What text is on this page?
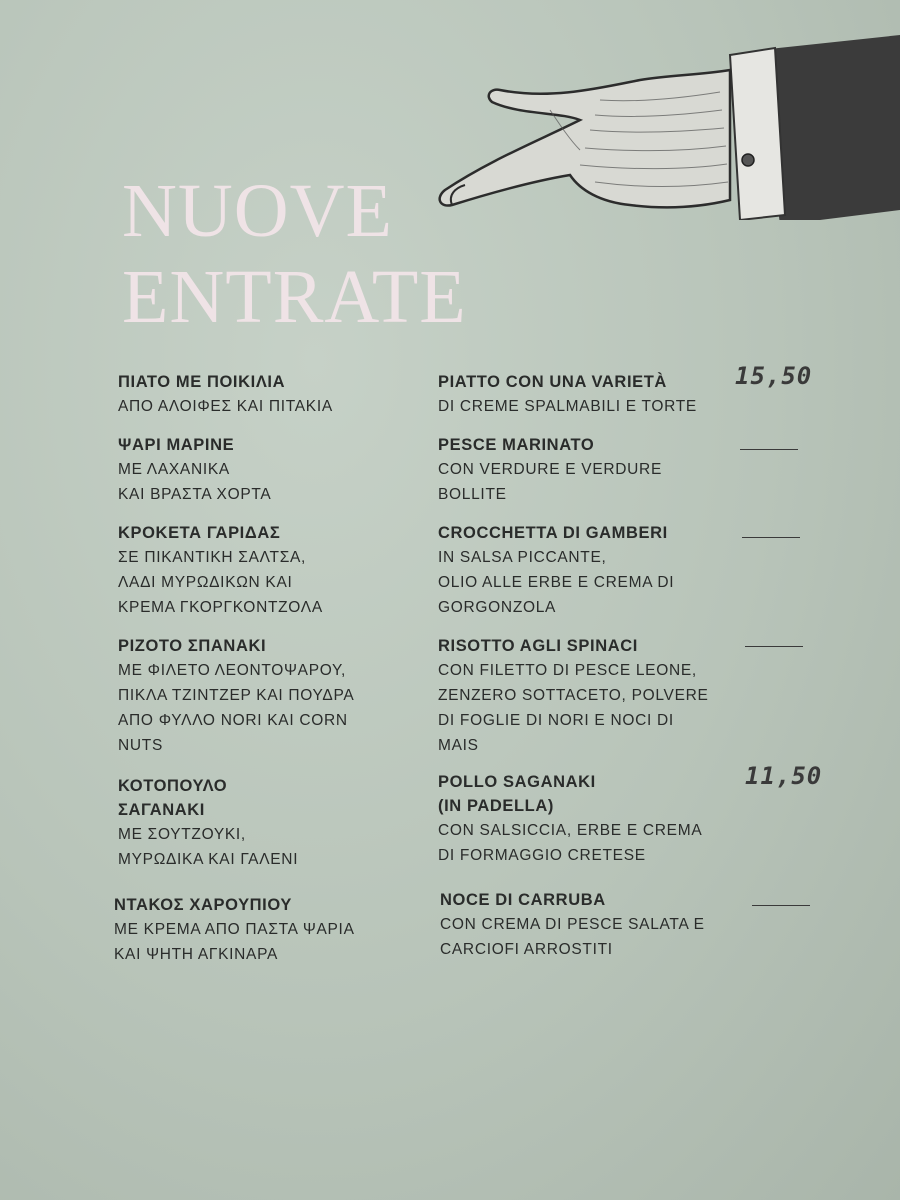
NUOVE
ENTRATE
ΠΙΑΤΟ ΜΕ ΠΟΙΚΙΛΙΑ
ΑΠΟ ΑΛΟΙΦΕΣ ΚΑΙ ΠΙΤΑΚΙΑ
PIATTO CON UNA VARIETÀ
DI CREME SPALMABILI E TORTE
15,50
ΨΑΡΙ ΜΑΡΙΝΕ
ΜΕ ΛΑΧΑΝΙΚΑ
ΚΑΙ ΒΡΑΣΤΑ ΧΟΡΤΑ
PESCE MARINATO
CON VERDURE E VERDURE
BOLLITE
ΚΡΟΚΕΤΑ ΓΑΡΙΔΑΣ
ΣΕ ΠΙΚΑΝΤΙΚΗ ΣΑΛΤΣΑ,
ΛΑΔΙ ΜΥΡΩΔΙΚΩΝ ΚΑΙ
ΚΡΕΜΑ ΓΚΟΡΓΚΟΝΤΖΟΛΑ
CROCCHETTA DI GAMBERI
IN SALSA PICCANTE,
OLIO ALLE ERBE E CREMA DI
GORGONZOLA
ΡΙΖΟΤΟ ΣΠΑΝΑΚΙ
ΜΕ ΦΙΛΕΤΟ ΛΕΟΝΤΟΨΑΡΟΥ,
ΠΙΚΛΑ ΤΖΙΝΤΖΕΡ ΚΑΙ ΠΟΥΔΡΑ
ΑΠΟ ΦΥΛΛΟ NORI ΚΑΙ CORN
NUTS
RISOTTO AGLI SPINACI
CON FILETTO DI PESCE LEONE,
ZENZERO SOTTACETO, POLVERE
DI FOGLIE DI NORI E NOCI DI
MAIS
ΚΟΤΟΠΟΥΛΟ
ΣΑΓΑΝΑΚΙ
ΜΕ ΣΟΥΤΖΟΥΚΙ,
ΜΥΡΩΔΙΚΑ ΚΑΙ ΓΑΛΕΝΙ
POLLO SAGANAKI
(IN PADELLA)
CON SALSICCIA, ERBE E CREMA
DI FORMAGGIO CRETESE
11,50
ΝΤΑΚΟΣ ΧΑΡΟΥΠΙΟΥ
ΜΕ ΚΡΕΜΑ ΑΠΟ ΠΑΣΤΑ ΨΑΡΙΑ
ΚΑΙ ΨΗΤΗ ΑΓΚΙΝΑΡΑ
NOCE DI CARRUBA
CON CREMA DI PESCE SALATA E
CARCIOFI ARROSTITI
